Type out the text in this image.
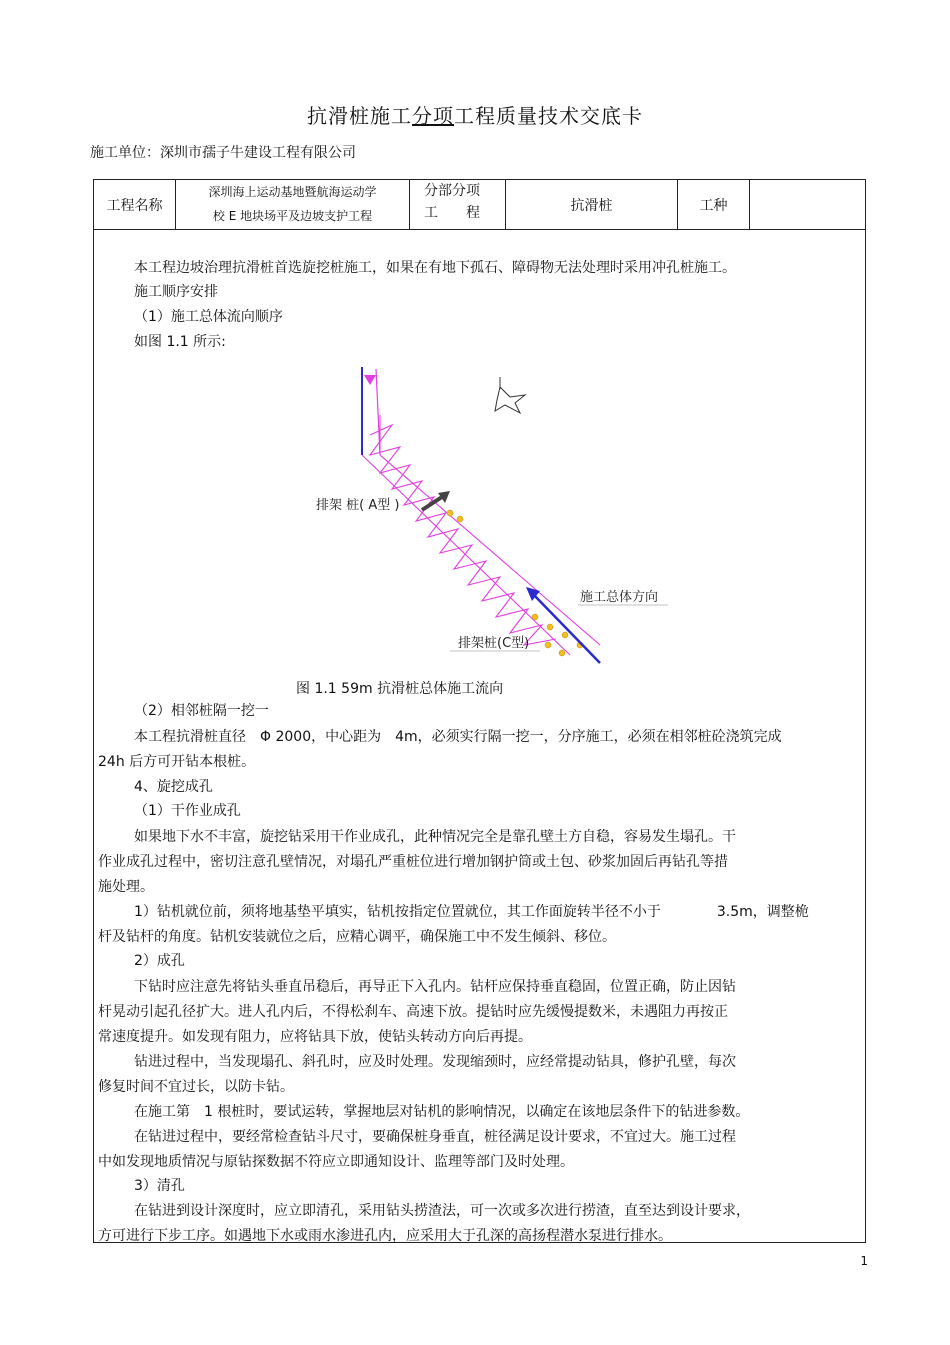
抗滑桩施工分项工程质量技术交底卡
施工单位：深圳市孺子牛建设工程有限公司
工程名称
深圳海上运动基地暨航海运动学
校 E 地块场平及边坡支护工程
分部分项
工　　程	抗滑桩	工种
本工程边坡治理抗滑桩首选旋挖桩施工，如果在有地下孤石、障碍物无法处理时采用冲孔桩施工。
施工顺序安排
（1）施工总体流向顺序
如图 1.1 所示:
排架 桩( A型 )
施工总体方向
排架桩(C型)
图 1.1 59m 抗滑桩总体施工流向
（2）相邻桩隔一挖一
本工程抗滑桩直径　Φ 2000，中心距为　4m，必须实行隔一挖一，分序施工，必须在相邻桩砼浇筑完成
24h 后方可开钻本根桩。
4、旋挖成孔
（1）干作业成孔
如果地下水不丰富，旋挖钻采用干作业成孔，此种情况完全是靠孔壁土方自稳，容易发生塌孔。干
作业成孔过程中，密切注意孔壁情况，对塌孔严重桩位进行增加钢护筒或土包、砂浆加固后再钻孔等措
施处理。
1）钻机就位前，须将地基垫平填实，钻机按指定位置就位，其工作面旋转半径不小于　　　　3.5m，调整桅
杆及钻杆的角度。钻机安装就位之后，应精心调平，确保施工中不发生倾斜、移位。
2）成孔
下钻时应注意先将钻头垂直吊稳后，再导正下入孔内。钻杆应保持垂直稳固，位置正确，防止因钻
杆晃动引起孔径扩大。进人孔内后，不得松刹车、高速下放。提钻时应先缓慢提数米，未遇阻力再按正
常速度提升。如发现有阻力，应将钻具下放，使钻头转动方向后再提。
钻进过程中，当发现塌孔、斜孔时，应及时处理。发现缩颈时，应经常提动钻具，修护孔壁，每次
修复时间不宜过长，以防卡钻。
在施工第　1 根桩时，要试运转，掌握地层对钻机的影响情况，以确定在该地层条件下的钻进参数。
在钻进过程中，要经常检查钻斗尺寸，要确保桩身垂直，桩径满足设计要求，不宜过大。施工过程
中如发现地质情况与原钻探数据不符应立即通知设计、监理等部门及时处理。
3）清孔
在钻进到设计深度时，应立即清孔，采用钻头捞渣法，可一次或多次进行捞渣，直至达到设计要求，
方可进行下步工序。如遇地下水或雨水渗进孔内，应采用大于孔深的高扬程潜水泵进行排水。
1
